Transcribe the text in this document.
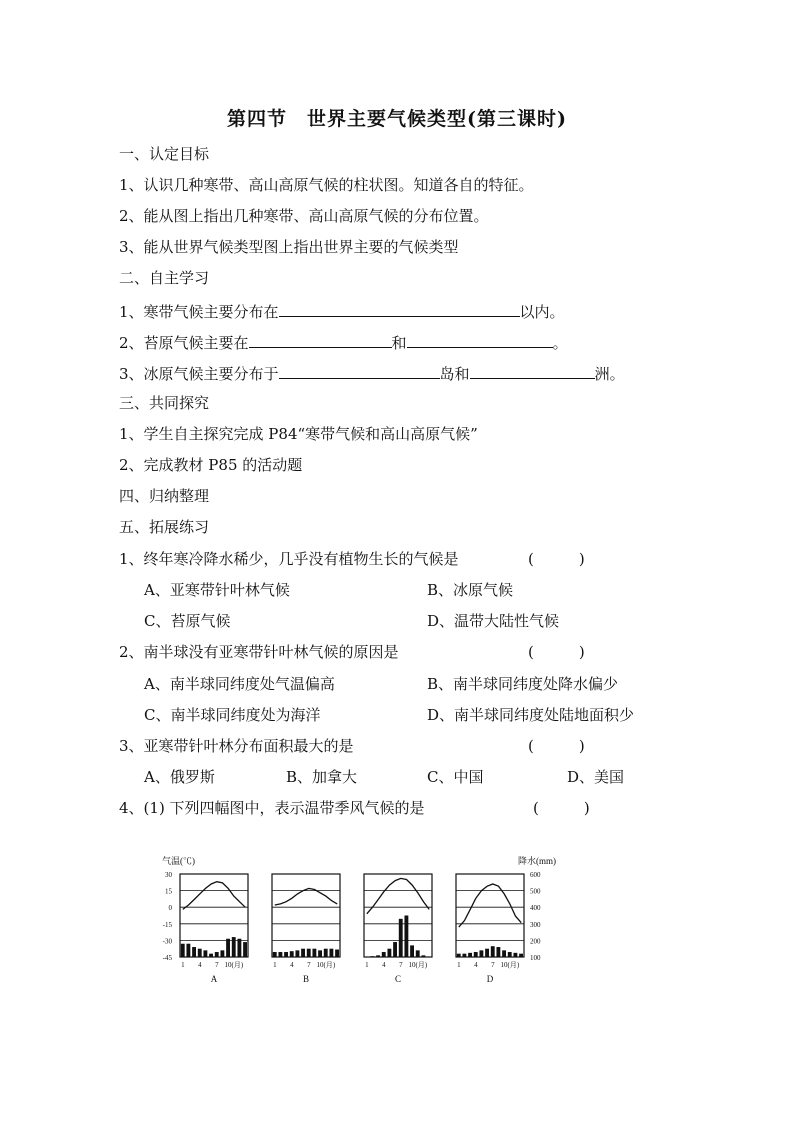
第四节　世界主要气候类型(第三课时)
一、认定目标
1、认识几种寒带、高山高原气候的柱状图。知道各自的特征。
2、能从图上指出几种寒带、高山高原气候的分布位置。
3、能从世界气候类型图上指出世界主要的气候类型
二、自主学习
1、寒带气候主要分布在	以内。
2、苔原气候主要在	和	。
3、冰原气候主要分布于	岛和	洲。
三、共同探究
1、学生自主探究完成 P84“寒带气候和高山高原气候”
2、完成教材 P85 的活动题
四、归纳整理
五、拓展练习
1、终年寒冷降水稀少，几乎没有植物生长的气候是	(　　　)
A、亚寒带针叶林气候	B、冰原气候
C、苔原气候	D、温带大陆性气候
2、南半球没有亚寒带针叶林气候的原因是	(　　　)
A、南半球同纬度处气温偏高	B、南半球同纬度处降水偏少
C、南半球同纬度处为海洋	D、南半球同纬度处陆地面积少
3、亚寒带针叶林分布面积最大的是	(　　　)
A、俄罗斯	B、加拿大	C、中国	D、美国
4、(1) 下列四幅图中，表示温带季风气候的是	(　　　)
气温(℃)	降水(mm)
30
15
0
-15
-30
-45
600
500
400
300
200
100
1 4 7 10(月)
A
1 4 7 10(月)
B
1 4 7 10(月)
C
1 4 7 10(月)
D
